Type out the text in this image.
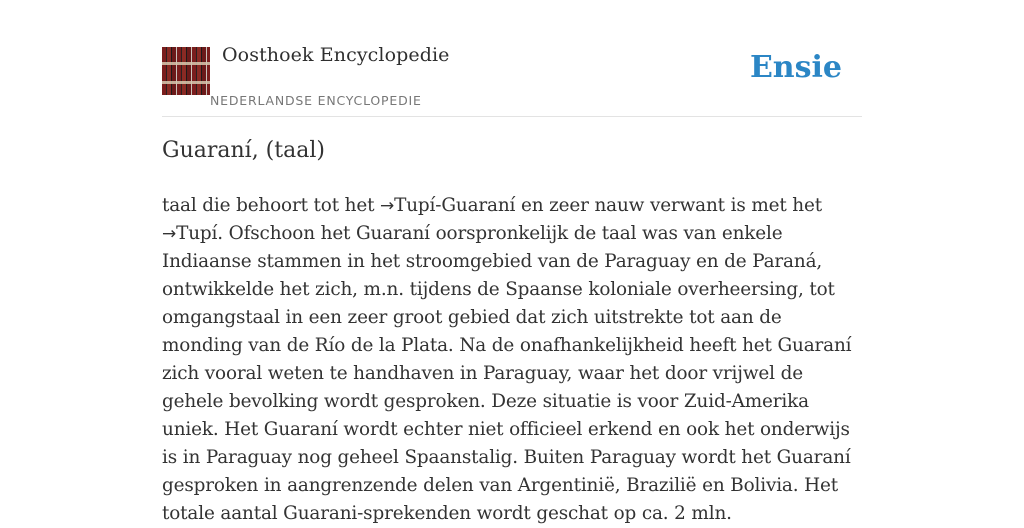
Oosthoek Encyclopedie
NEDERLANDSE ENCYCLOPEDIE
Ensie
Guaraní, (taal)

taal die behoort tot het →Tupí-Guaraní en zeer nauw verwant is met het →Tupí. Ofschoon het Guaraní oorspronkelijk de taal was van enkele Indiaanse stammen in het stroomgebied van de Paraguay en de Paraná, ontwikkelde het zich, m.n. tijdens de Spaanse koloniale overheersing, tot omgangstaal in een zeer groot gebied dat zich uitstrekte tot aan de monding van de Río de la Plata. Na de onafhankelijkheid heeft het Guaraní zich vooral weten te handhaven in Paraguay, waar het door vrijwel de gehele bevolking wordt gesproken. Deze situatie is voor Zuid-Amerika uniek. Het Guaraní wordt echter niet officieel erkend en ook het onderwijs is in Paraguay nog geheel Spaanstalig. Buiten Paraguay wordt het Guaraní gesproken in aangrenzende delen van Argentinië, Brazilië en Bolivia. Het totale aantal Guarani-sprekenden wordt geschat op ca. 2 mln.
